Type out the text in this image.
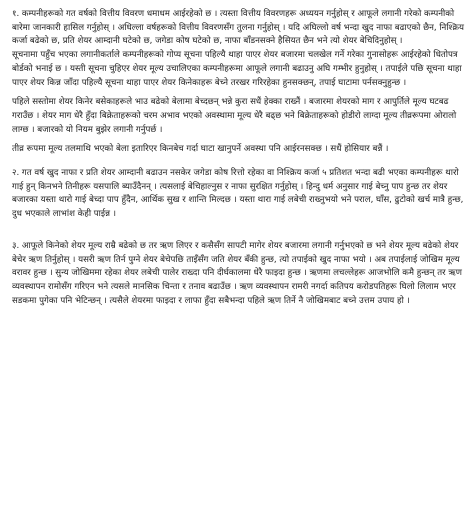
१. कम्पनीहरूको गत वर्षको वित्तीय विवरण धमाधम आईरहेको छ । त्यस्ता वित्तीय विवरणहरू अध्ययन गर्नुहोस् र आफूले लगानी गरेको कम्पनीको बारेमा जानकारी हासिल गर्नुहोस् । अधिल्ला वर्षहरूको वित्तीय विवरणसँग तुलना गर्नुहोस् । यदि अघिल्लो वर्ष भन्दा खुद नाफा बढाएको छैन, निश्क्रिय कर्जा बढेको छ, प्रति शेयर आम्दानी घटेको छ, जगेडा कोष घटेको छ, नाफा बाँडनसक्ने हैसियत छैन भने त्यो शेयर बेचिदिनुहोस् ।

सूचनामा पहुँच भएका लगानीकर्ताले कम्पनीहरूको गोप्य सूचना पहिल्यै थाहा पाएर शेयर बजारमा चलखेल गर्ने गरेका गुनासोहरू आईरहेको धितोपत्र बोर्डको भनाई छ । यस्ती सूचना चुहिएर शेयर मूल्य उचालिएका कम्पनीहरूमा आफूले लगानी बढाउनु अघि गम्भीर हुनुहोस् । तपाईले पछि सूचना थाहा पाएर शेयर किन्न जाँदा पहिल्यै सूचना थाहा पाएर शेयर किनेकाहरू बेच्ने तरखर गरिरहेका हुनसक्छन्, तपाई घाटामा पर्नसक्नुहुन्छ ।

पहिले सस्तोमा शेयर किनेर बसेकाहरूले भाउ बढेको बेलामा बेच्दछन् भन्ने कुरा सधैं हेक्का राख्नैं । बजारमा शेयरको माग र आपुर्तिले मूल्य घटबढ गराउँछ । शेयर माग धेरै हुँदा बिक्रेताहरूको चरम अभाव भएको अवस्थामा मूल्य धेरै बढ्छ भने बिक्रेताहरूको होडीरो लाग्दा मूल्य तीव्ररूपमा ओरालो लाग्छ । बजारको यो नियम बुझेर लगानी गर्नुपर्छ ।

तीव्र रूपमा मूल्य तलमाथि भएको बेला इतारिएर किनबेच गर्दा घाटा खानुपर्ने अवस्था पनि आईरनसक्छ । सधैं होसियार बन्नैं ।

२. गत वर्ष खुद नाफा र प्रति शेयर आम्दानी बढाउन नसकेर जगेडा कोष रित्तो रहेका वा निश्क्रिय कर्जा ५ प्रतिशत भन्दा बढी भएका कम्पनीहरू थारो गाई हुन् किनभने तिनीहरू यसपालि ब्याउँदैनन् । त्यसलाई बेचिहाल्नुस र नाफा सुरक्षित गर्नुहोस् । हिन्दु धर्म अनुसार गाई बेच्नु पाप हुन्छ तर शेयर बजारका यस्ता थारो गाई बेच्दा पाप हुँदैन, आर्थिक सुख र शान्ति मिल्दछ । यस्ता थारा गाई लबेची राख्नुभयो भने पराल, घाँस, ढुटोको खर्च मात्रै हुन्छ, दुध भएकाले लाभांश केही पाईन्न ।

३. आफूले किनेको शेयर मूल्य राम्रै बढेको छ तर ऋण लिएर र कसैसँग सापटी मागेर शेयर बजारमा लगानी गर्नुभएको छ भने शेयर मूल्य बढेको शेयर बेचेर ऋण तिर्नुहोस् । यसरी ऋण तिर्न पुग्ने शेयर बेचेपछि ताइँसँग जति शेयर बँकी हुन्छ, त्यो तपाईको खुद नाफा भयो । अब तपाईलाई जोखिम मूल्य वरावर हुन्छ । सुन्य जोखिममा रहेका शेयर लबेची पालेर राख्दा पनि दीर्घकालमा धेरै फाइदा हुन्छ । ऋणमा लचल्लेहरू आजभोलि कमै हुन्छन् तर ऋण व्यवस्थापन रामोसँग गरिएन भने त्यसले मानसिक चिन्ता र तनाव बढाउँछ । ऋण व्यवस्थापन रामरी नगर्दा कतिपय करोडपतिहरू घिलो लिलाम भएर सडकमा पुगेका पनि भेटिन्छन् । त्यसैले शेयरमा फाइदा र लाफा हुँदा सबैभन्दा पहिले ऋण तिर्ने नै जोखिमबाट बच्ने उत्तम उपाय हो ।
